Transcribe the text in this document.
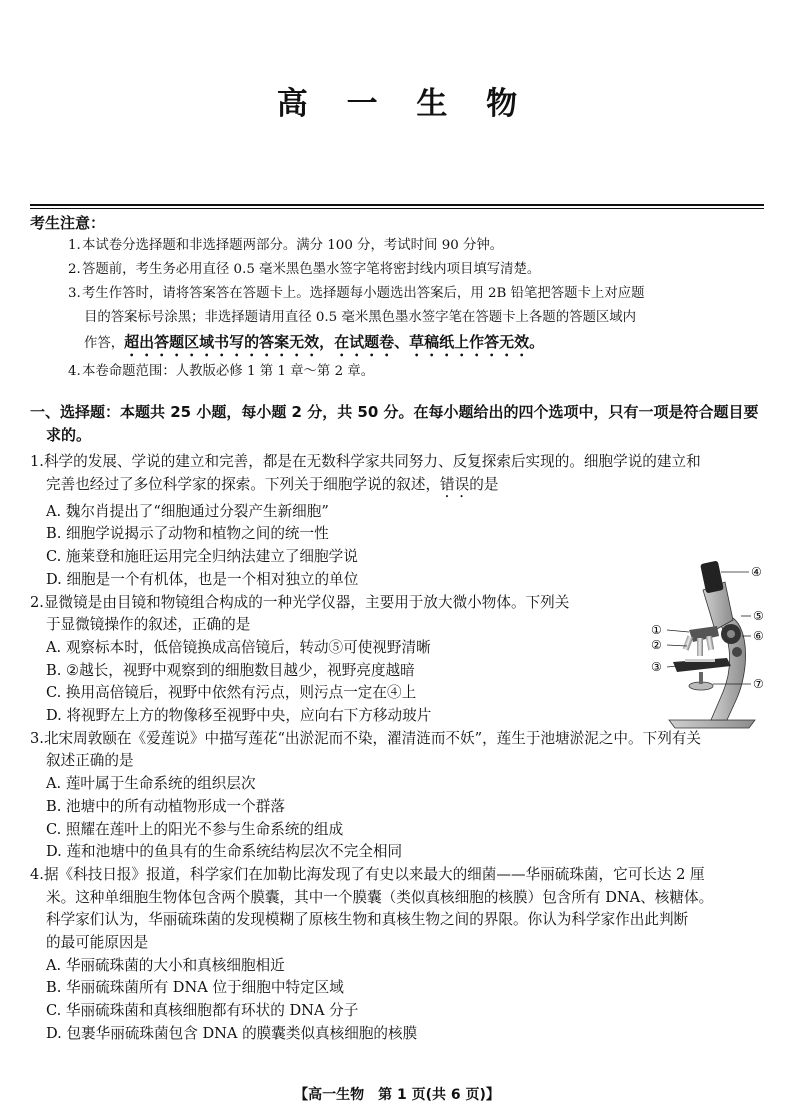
高 一 生 物
考生注意：
1.本试卷分选择题和非选择题两部分。满分 100 分，考试时间 90 分钟。
2.答题前，考生务必用直径 0.5 毫米黑色墨水签字笔将密封线内项目填写清楚。
3.考生作答时，请将答案答在答题卡上。选择题每小题选出答案后，用 2B 铅笔把答题卡上对应题
目的答案标号涂黑；非选择题请用直径 0.5 毫米黑色墨水签字笔在答题卡上各题的答题区域内
作答，超出答题区域书写的答案无效，在试题卷、草稿纸上作答无效。
4.本卷命题范围：人教版必修 1 第 1 章～第 2 章。
一、选择题：本题共 25 小题，每小题 2 分，共 50 分。在每小题给出的四个选项中，只有一项是符合题目要
求的。
1.科学的发展、学说的建立和完善，都是在无数科学家共同努力、反复探索后实现的。细胞学说的建立和
完善也经过了多位科学家的探索。下列关于细胞学说的叙述，错误的是
A. 魏尔肖提出了“细胞通过分裂产生新细胞”
B. 细胞学说揭示了动物和植物之间的统一性
C. 施莱登和施旺运用完全归纳法建立了细胞学说
D. 细胞是一个有机体，也是一个相对独立的单位
2.显微镜是由目镜和物镜组合构成的一种光学仪器，主要用于放大微小物体。下列关
于显微镜操作的叙述，正确的是
A. 观察标本时，低倍镜换成高倍镜后，转动⑤可使视野清晰
B. ②越长，视野中观察到的细胞数目越少，视野亮度越暗
C. 换用高倍镜后，视野中依然有污点，则污点一定在④上
D. 将视野左上方的物像移至视野中央，应向右下方移动玻片
3.北宋周敦颐在《爱莲说》中描写莲花“出淤泥而不染，濯清涟而不妖”，莲生于池塘淤泥之中。下列有关
叙述正确的是
A. 莲叶属于生命系统的组织层次
B. 池塘中的所有动植物形成一个群落
C. 照耀在莲叶上的阳光不参与生命系统的组成
D. 莲和池塘中的鱼具有的生命系统结构层次不完全相同
4.据《科技日报》报道，科学家们在加勒比海发现了有史以来最大的细菌——华丽硫珠菌，它可长达 2 厘
米。这种单细胞生物体包含两个膜囊，其中一个膜囊（类似真核细胞的核膜）包含所有 DNA、核糖体。
科学家们认为，华丽硫珠菌的发现模糊了原核生物和真核生物之间的界限。你认为科学家作出此判断
的最可能原因是
A. 华丽硫珠菌的大小和真核细胞相近
B. 华丽硫珠菌所有 DNA 位于细胞中特定区域
C. 华丽硫珠菌和真核细胞都有环状的 DNA 分子
D. 包裹华丽硫珠菌包含 DNA 的膜囊类似真核细胞的核膜
④
⑤
①	⑥
②
③
⑦
【高一生物　第 1 页(共 6 页)】
